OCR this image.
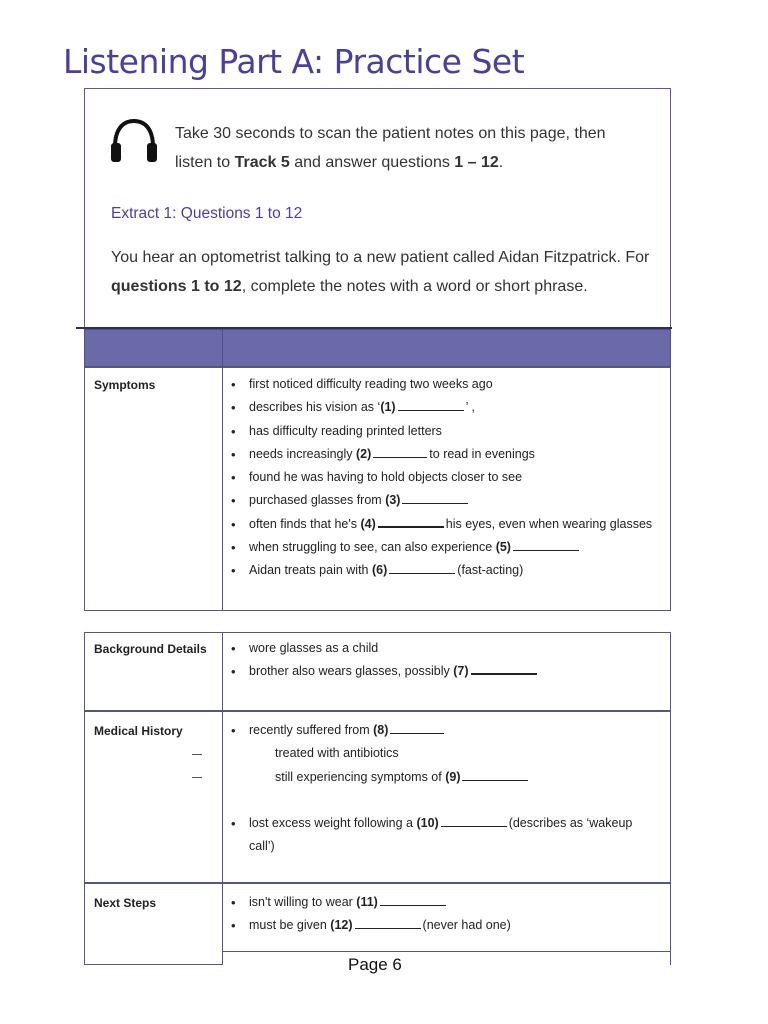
Listening Part A: Practice Set
Take 30 seconds to scan the patient notes on this page, then listen to Track 5 and answer questions 1 – 12.
Extract 1: Questions 1 to 12
You hear an optometrist talking to a new patient called Aidan Fitzpatrick. For questions 1 to 12, complete the notes with a word or short phrase.
Symptoms	• first noticed difficulty reading two weeks ago
• describes his vision as ‘(1)	’ ,
• has difficulty reading printed letters
• needs increasingly (2)	to read in evenings
• found he was having to hold objects closer to see
• purchased glasses from (3)
• often finds that he's (4)	his eyes, even when wearing glasses
• when struggling to see, can also experience (5)
• Aidan treats pain with (6)	(fast-acting)
Background Details	• wore glasses as a child
• brother also wears glasses, possibly (7)
Medical History	• recently suffered from (8)
treated with antibiotics
still experiencing symptoms of (9)

• lost excess weight following a (10)	(describes as ‘wakeup
call’)
Next Steps	• isn't willing to wear (11)
• must be given (12)	(never had one)
Page 6
